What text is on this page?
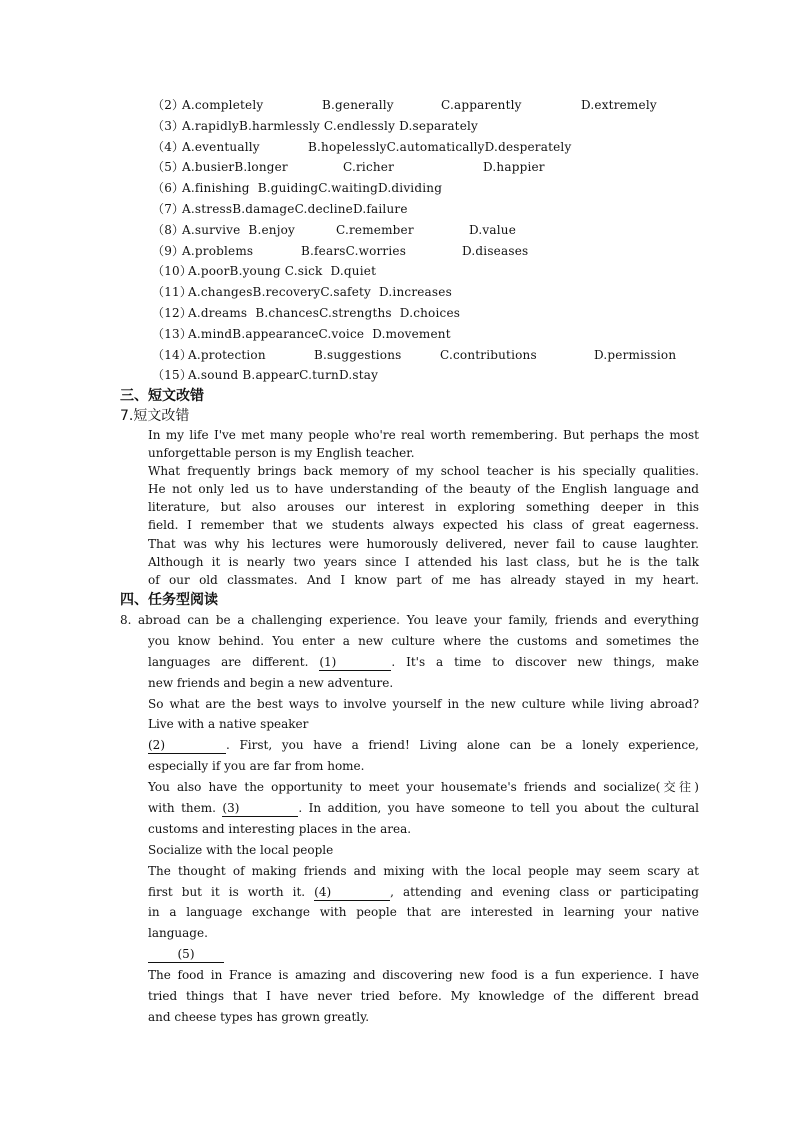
（2）A.completely	B.generally	C.apparently	D.extremely
（3）A.rapidlyB.harmlessly C.endlessly D.separately
（4）A.eventually	B.hopelesslyC.automaticallyD.desperately
（5）A.busierB.longer	C.richer	D.happier
（6）A.finishing  B.guidingC.waitingD.dividing
（7）A.stressB.damageC.declineD.failure
（8）A.survive  B.enjoy	C.remember	D.value
（9）A.problems	B.fearsC.worries	D.diseases
（10）A.poorB.young C.sick  D.quiet
（11）A.changesB.recoveryC.safety  D.increases
（12）A.dreams  B.chancesC.strengths  D.choices
（13）A.mindB.appearanceC.voice  D.movement
（14）A.protection	B.suggestions	C.contributions	D.permission
（15）A.sound B.appearC.turnD.stay
三、短文改错
7.短文改错
In my life I've met many people who're real worth remembering. But perhaps the most
unforgettable person is my English teacher.
What frequently brings back memory of my school teacher is his specially qualities.
He not only led us to have understanding of the beauty of the English language and
literature, but also arouses our interest in exploring something deeper in this
field. I remember that we students always expected his class of great eagerness.
That was why his lectures were humorously delivered, never fail to cause laughter.
Although it is nearly two years since I attended his last class, but he is the talk
of our old classmates. And I know part of me has already stayed in my heart.
四、任务型阅读
8. abroad can be a challenging experience. You leave your family, friends and everything
you know behind. You enter a new culture where the customs and sometimes the
languages are different. (1)	. It's a time to discover new things, make
new friends and begin a new adventure.
So what are the best ways to involve yourself in the new culture while living abroad?
Live with a native speaker
(2)	. First, you have a friend! Living alone can be a lonely experience,
especially if you are far from home.
You also have the opportunity to meet your housemate's friends and socialize(交往)
with them. (3)	. In addition, you have someone to tell you about the cultural
customs and interesting places in the area.
Socialize with the local people
The thought of making friends and mixing with the local people may seem scary at
first but it is worth it. (4)	, attending and evening class or participating
in a language exchange with people that are interested in learning your native
language.
(5)
The food in France is amazing and discovering new food is a fun experience. I have
tried things that I have never tried before. My knowledge of the different bread
and cheese types has grown greatly.
